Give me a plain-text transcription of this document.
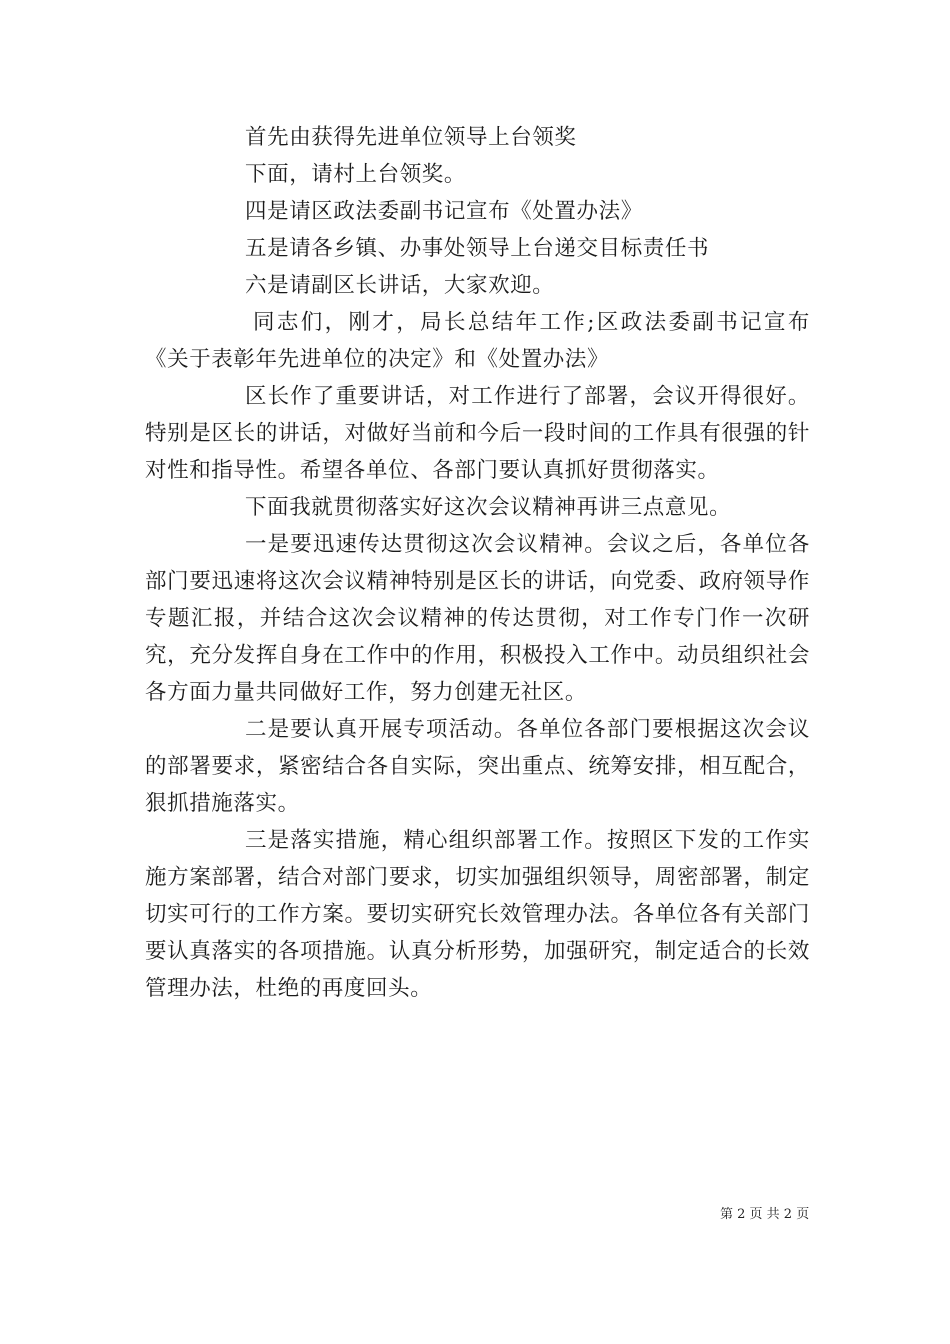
首先由获得先进单位领导上台领奖

下面，请村上台领奖。

四是请区政法委副书记宣布《处置办法》

五是请各乡镇、办事处领导上台递交目标责任书

六是请副区长讲话，大家欢迎。

同志们，刚才，局长总结年工作;区政法委副书记宣布《关于表彰年先进单位的决定》和《处置办法》

区长作了重要讲话，对工作进行了部署，会议开得很好。特别是区长的讲话，对做好当前和今后一段时间的工作具有很强的针对性和指导性。希望各单位、各部门要认真抓好贯彻落实。

下面我就贯彻落实好这次会议精神再讲三点意见。

一是要迅速传达贯彻这次会议精神。会议之后，各单位各部门要迅速将这次会议精神特别是区长的讲话，向党委、政府领导作专题汇报，并结合这次会议精神的传达贯彻，对工作专门作一次研究，充分发挥自身在工作中的作用，积极投入工作中。动员组织社会各方面力量共同做好工作，努力创建无社区。

二是要认真开展专项活动。各单位各部门要根据这次会议的部署要求，紧密结合各自实际，突出重点、统筹安排，相互配合，狠抓措施落实。

三是落实措施，精心组织部署工作。按照区下发的工作实施方案部署，结合对部门要求，切实加强组织领导，周密部署，制定切实可行的工作方案。要切实研究长效管理办法。各单位各有关部门要认真落实的各项措施。认真分析形势，加强研究，制定适合的长效管理办法，杜绝的再度回头。

第 2 页 共 2 页
